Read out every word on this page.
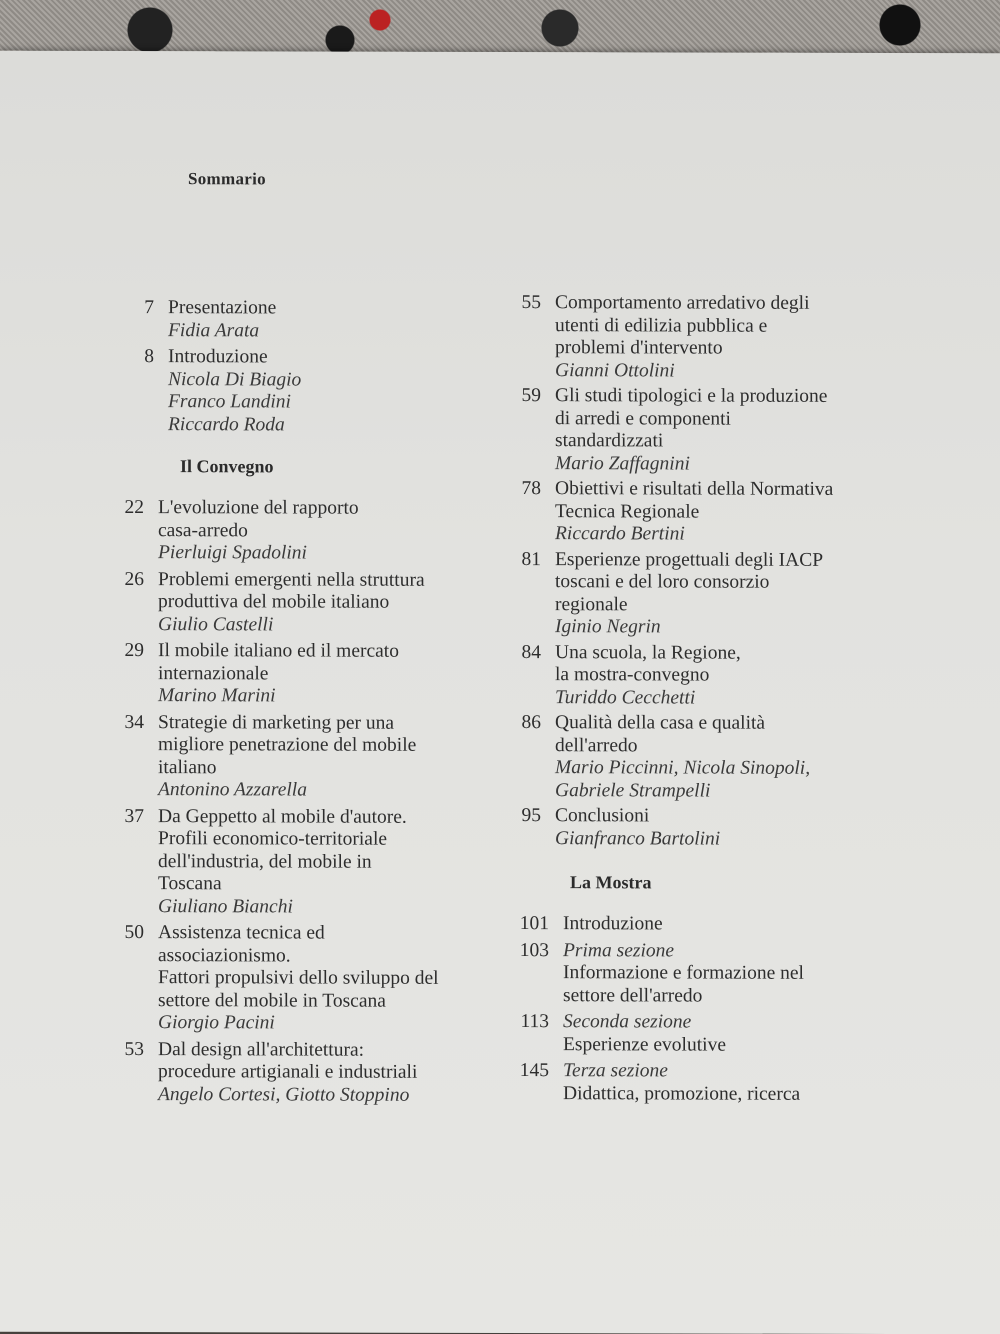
Sommario
7 Presentazione
Fidia Arata
8 Introduzione
Nicola Di Biagio
Franco Landini
Riccardo Roda
Il Convegno
22 L'evoluzione del rapporto
casa-arredo
Pierluigi Spadolini
26 Problemi emergenti nella struttura
produttiva del mobile italiano
Giulio Castelli
29 Il mobile italiano ed il mercato
internazionale
Marino Marini
34 Strategie di marketing per una
migliore penetrazione del mobile
italiano
Antonino Azzarella
37 Da Geppetto al mobile d'autore.
Profili economico-territoriale
dell'industria, del mobile in
Toscana
Giuliano Bianchi
50 Assistenza tecnica ed
associazionismo.
Fattori propulsivi dello sviluppo del
settore del mobile in Toscana
Giorgio Pacini
53 Dal design all'architettura:
procedure artigianali e industriali
Angelo Cortesi, Giotto Stoppino
55 Comportamento arredativo degli
utenti di edilizia pubblica e
problemi d'intervento
Gianni Ottolini
59 Gli studi tipologici e la produzione
di arredi e componenti
standardizzati
Mario Zaffagnini
78 Obiettivi e risultati della Normativa
Tecnica Regionale
Riccardo Bertini
81 Esperienze progettuali degli IACP
toscani e del loro consorzio
regionale
Iginio Negrin
84 Una scuola, la Regione,
la mostra-convegno
Turiddo Cecchetti
86 Qualità della casa e qualità
dell'arredo
Mario Piccinni, Nicola Sinopoli,
Gabriele Strampelli
95 Conclusioni
Gianfranco Bartolini
La Mostra
101 Introduzione
103 Prima sezione
Informazione e formazione nel
settore dell'arredo
113 Seconda sezione
Esperienze evolutive
145 Terza sezione
Didattica, promozione, ricerca
